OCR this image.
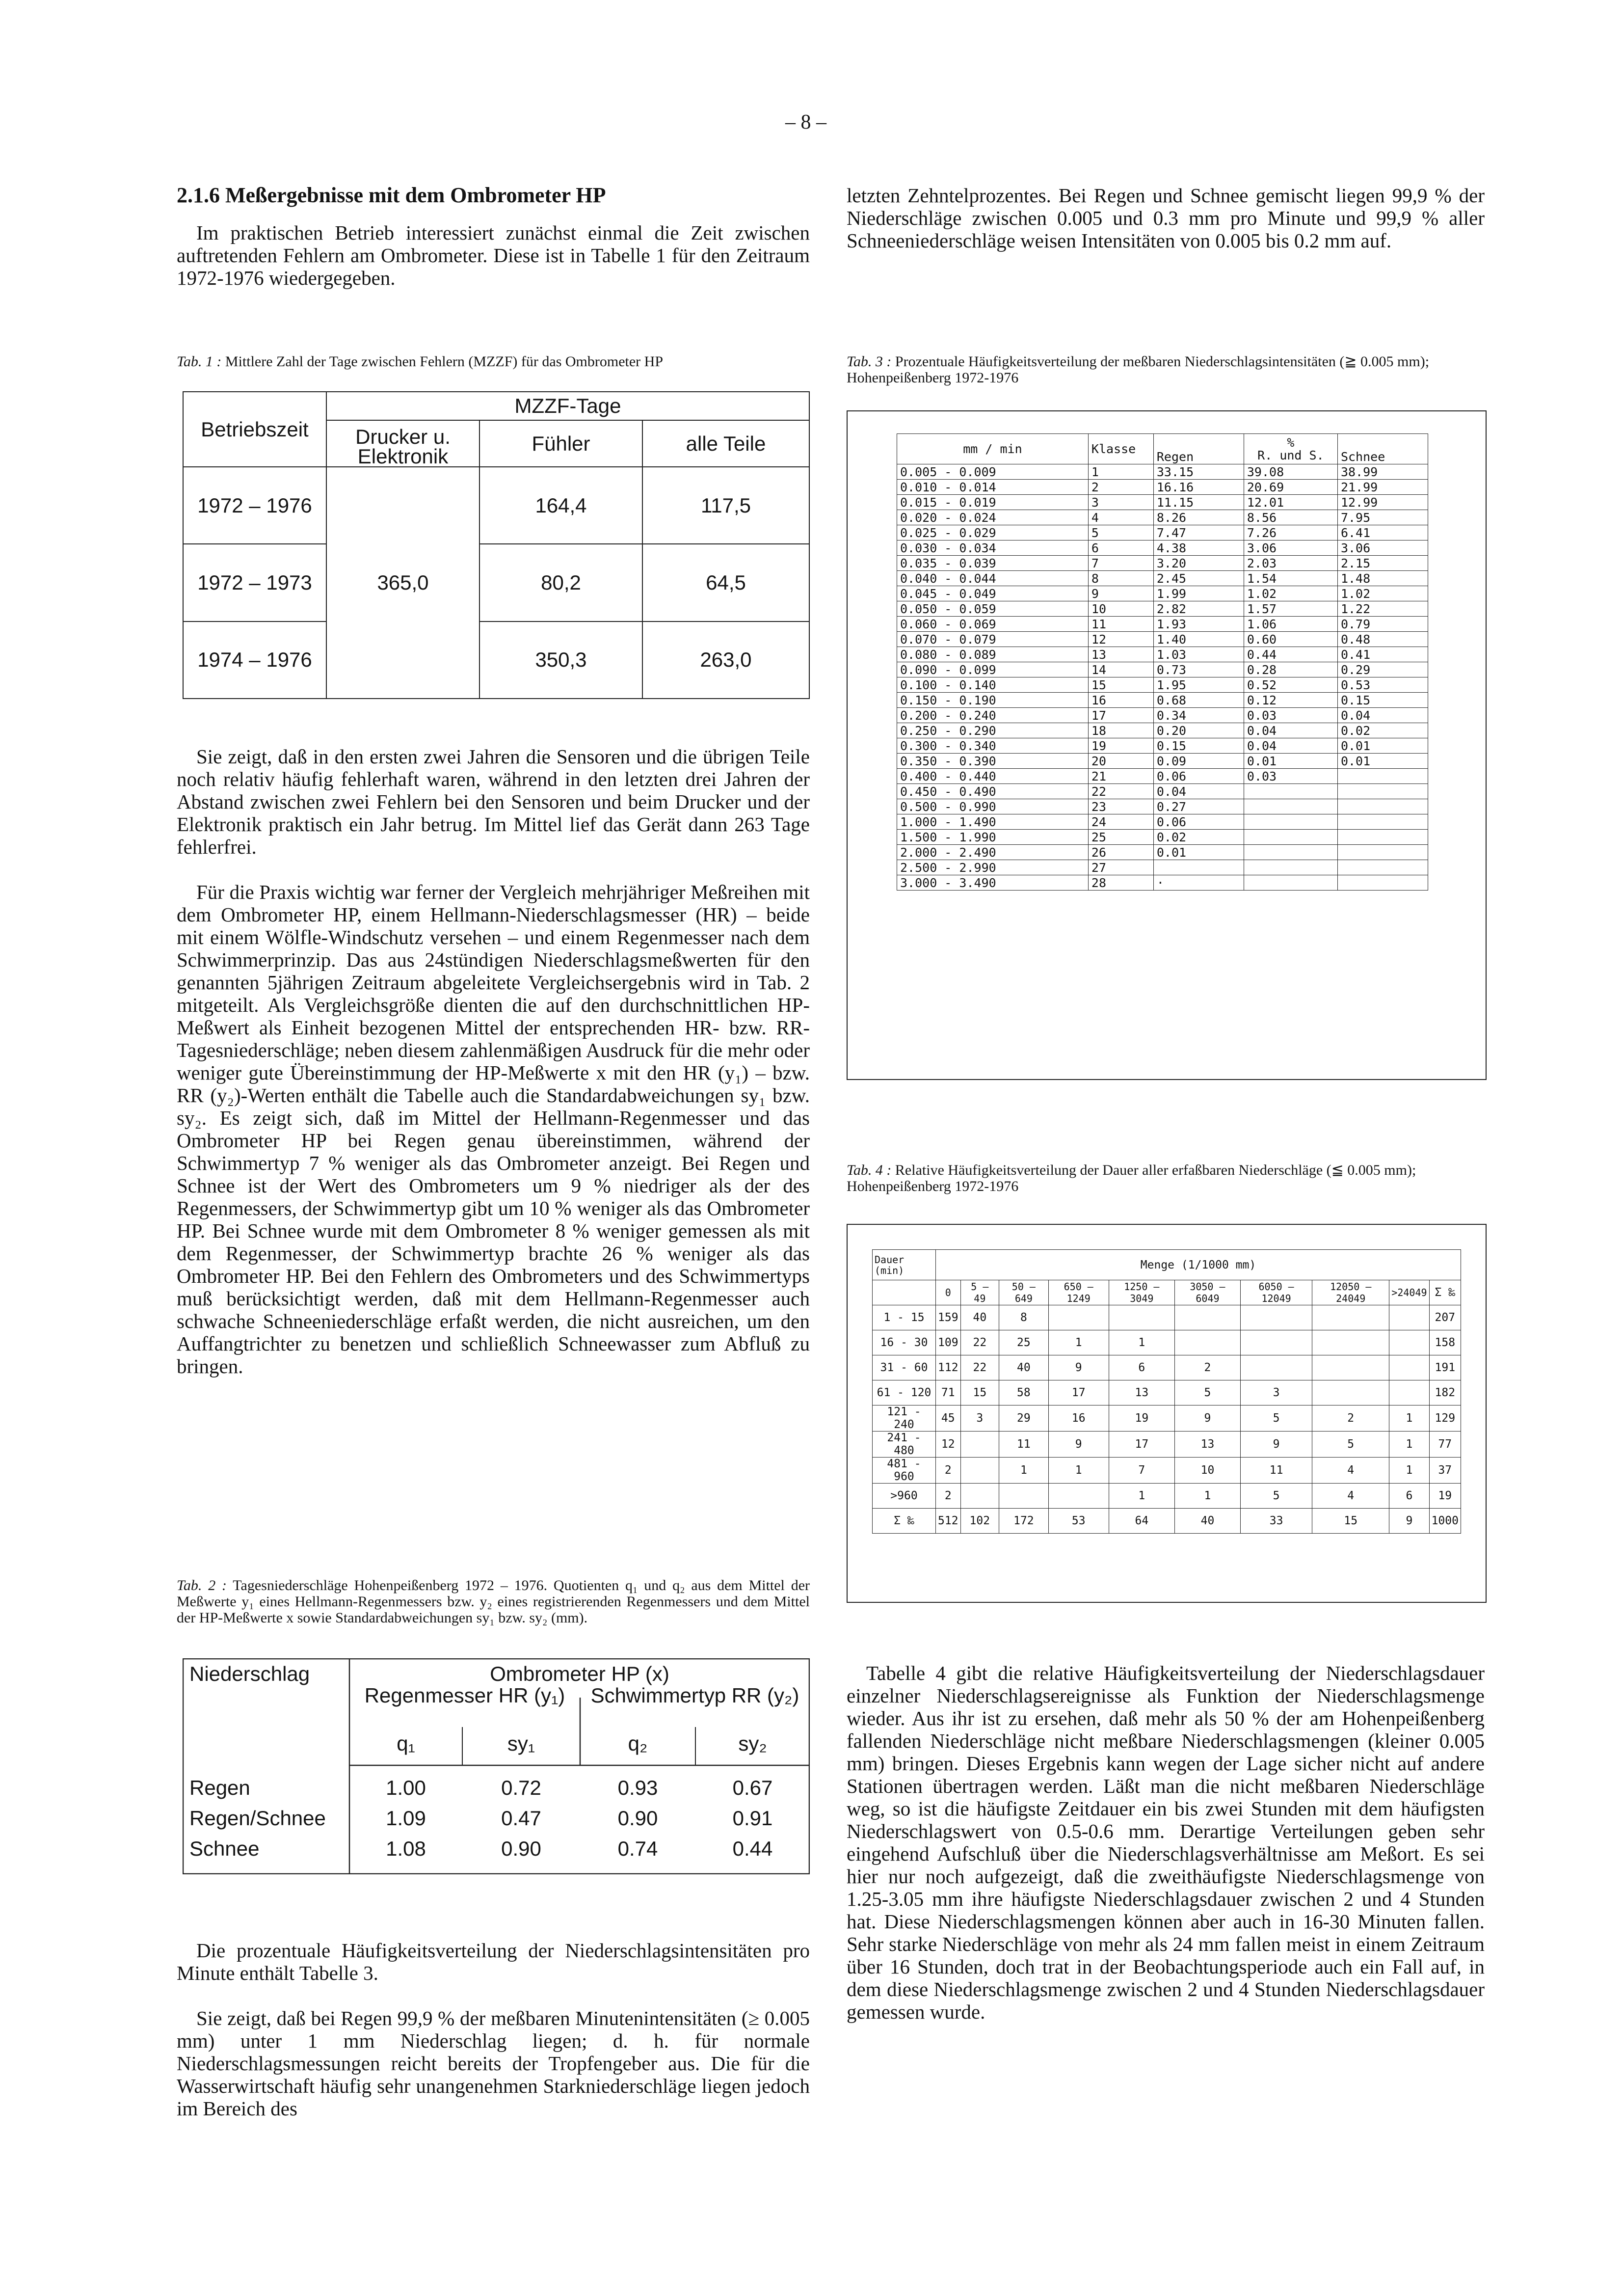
– 8 –
2.1.6 Meßergebnisse mit dem Ombrometer HP

Im praktischen Betrieb interessiert zunächst einmal die Zeit zwischen auftretenden Fehlern am Ombrometer. Diese ist in Tabelle 1 für den Zeitraum 1972-1976 wiedergegeben.

letzten Zehntelprozentes. Bei Regen und Schnee gemischt liegen 99,9 % der Niederschläge zwischen 0.005 und 0.3 mm pro Minute und 99,9 % aller Schneeniederschläge weisen Intensitäten von 0.005 bis 0.2 mm auf.

Tab. 1 : Mittlere Zahl der Tage zwischen Fehlern (MZZF) für das Ombrometer HP
Betriebszeit	MZZF-Tage		
	Drucker u. Elektronik	Fühler	alle Teile
1972 – 1976	365,0	164,4	117,5
1972 – 1973		80,2	64,5
1974 – 1976		350,3	263,0

Sie zeigt, daß in den ersten zwei Jahren die Sensoren und die übrigen Teile noch relativ häufig fehlerhaft waren, während in den letzten drei Jahren der Abstand zwischen zwei Fehlern bei den Sensoren und beim Drucker und der Elektronik praktisch ein Jahr betrug. Im Mittel lief das Gerät dann 263 Tage fehlerfrei.

Für die Praxis wichtig war ferner der Vergleich mehrjähriger Meßreihen mit dem Ombrometer HP, einem Hellmann-Niederschlagsmesser (HR) – beide mit einem Wölfle-Windschutz versehen – und einem Regenmesser nach dem Schwimmerprinzip. Das aus 24stündigen Niederschlagsmeßwerten für den genannten 5jährigen Zeitraum abgeleitete Vergleichsergebnis wird in Tab. 2 mitgeteilt. Als Vergleichsgröße dienten die auf den durchschnittlichen HP-Meßwert als Einheit bezogenen Mittel der entsprechenden HR- bzw. RR-Tagesniederschläge; neben diesem zahlenmäßigen Ausdruck für die mehr oder weniger gute Übereinstimmung der HP-Meßwerte x mit den HR (y₁) – bzw. RR (y₂)-Werten enthält die Tabelle auch die Standardabweichungen sy₁ bzw. sy₂. Es zeigt sich, daß im Mittel der Hellmann-Regenmesser und das Ombrometer HP bei Regen genau übereinstimmen, während der Schwimmertyp 7 % weniger als das Ombrometer anzeigt. Bei Regen und Schnee ist der Wert des Ombrometers um 9 % niedriger als der des Regenmessers, der Schwimmertyp gibt um 10 % weniger als das Ombrometer HP. Bei Schnee wurde mit dem Ombrometer 8 % weniger gemessen als mit dem Regenmesser, der Schwimmertyp brachte 26 % weniger als das Ombrometer HP. Bei den Fehlern des Ombrometers und des Schwimmertyps muß berücksichtigt werden, daß mit dem Hellmann-Regenmesser auch schwache Schneeniederschläge erfaßt werden, die nicht ausreichen, um den Auffangtrichter zu benetzen und schließlich Schneewasser zum Abfluß zu bringen.

Tab. 2 : Tagesniederschläge Hohenpeißenberg 1972 – 1976. Quotienten q₁ und q₂ aus dem Mittel der Meßwerte y₁ eines Hellmann-Regenmessers bzw. y₂ eines registrierenden Regenmessers und dem Mittel der HP-Meßwerte x sowie Standardabweichungen sy₁ bzw. sy₂ (mm).
Niederschlag	Ombrometer HP (x)
Regenmesser HR (y₁)	Schwimmertyp RR (y₂)
q₁	sy₁	q₂	sy₂
Regen	1.00	0.72	0.93	0.67
Regen/Schnee	1.09	0.47	0.90	0.91
Schnee	1.08	0.90	0.74	0.44

Die prozentuale Häufigkeitsverteilung der Niederschlagsintensitäten pro Minute enthält Tabelle 3.

Sie zeigt, daß bei Regen 99,9 % der meßbaren Minutenintensitäten (≥ 0.005 mm) unter 1 mm Niederschlag liegen; d. h. für normale Niederschlagsmessungen reicht bereits der Tropfengeber aus. Die für die Wasserwirtschaft häufig sehr unangenehmen Starkniederschläge liegen jedoch im Bereich des

Tab. 3 : Prozentuale Häufigkeitsverteilung der meßbaren Niederschlagsintensitäten (≧ 0.005 mm); Hohenpeißenberg 1972-1976
mm / min	Klasse	Regen	%
R. und S.	Schnee
0.005 - 0.009	1	33.15	39.08	38.99
0.010 - 0.014	2	16.16	20.69	21.99
0.015 - 0.019	3	11.15	12.01	12.99
0.020 - 0.024	4	8.26	8.56	7.95
0.025 - 0.029	5	7.47	7.26	6.41
0.030 - 0.034	6	4.38	3.06	3.06
0.035 - 0.039	7	3.20	2.03	2.15
0.040 - 0.044	8	2.45	1.54	1.48
0.045 - 0.049	9	1.99	1.02	1.02
0.050 - 0.059	10	2.82	1.57	1.22
0.060 - 0.069	11	1.93	1.06	0.79
0.070 - 0.079	12	1.40	0.60	0.48
0.080 - 0.089	13	1.03	0.44	0.41
0.090 - 0.099	14	0.73	0.28	0.29
0.100 - 0.140	15	1.95	0.52	0.53
0.150 - 0.190	16	0.68	0.12	0.15
0.200 - 0.240	17	0.34	0.03	0.04
0.250 - 0.290	18	0.20	0.04	0.02
0.300 - 0.340	19	0.15	0.04	0.01
0.350 - 0.390	20	0.09	0.01	0.01
0.400 - 0.440	21	0.06	0.03	
0.450 - 0.490	22	0.04		
0.500 - 0.990	23	0.27		
1.000 - 1.490	24	0.06		
1.500 - 1.990	25	0.02		
2.000 - 2.490	26	0.01		
2.500 - 2.990	27			
3.000 - 3.490	28	·		
Tab. 4 : Relative Häufigkeitsverteilung der Dauer aller erfaßbaren Niederschläge (≦ 0.005 mm); Hohenpeißenberg 1972-1976
Dauer (min)	Menge (1/1000 mm)									
	0	5 – 49	50 – 649	650 – 1249	1250 – 3049	3050 – 6049	6050 – 12049	12050 – 24049	>24049	Σ ‰
1 - 15	159	40	8							207
16 - 30	109	22	25	1	1					158
31 - 60	112	22	40	9	6	2				191
61 - 120	71	15	58	17	13	5	3			182
121 - 240	45	3	29	16	19	9	5	2	1	129
241 - 480	12		11	9	17	13	9	5	1	77
481 - 960	2		1	1	7	10	11	4	1	37
>960	2				1	1	5	4	6	19
Σ ‰	512	102	172	53	64	40	33	15	9	1000

Tabelle 4 gibt die relative Häufigkeitsverteilung der Niederschlagsdauer einzelner Niederschlagsereignisse als Funktion der Niederschlagsmenge wieder. Aus ihr ist zu ersehen, daß mehr als 50 % der am Hohenpeißenberg fallenden Niederschläge nicht meßbare Niederschlagsmengen (kleiner 0.005 mm) bringen. Dieses Ergebnis kann wegen der Lage sicher nicht auf andere Stationen übertragen werden. Läßt man die nicht meßbaren Niederschläge weg, so ist die häufigste Zeitdauer ein bis zwei Stunden mit dem häufigsten Niederschlagswert von 0.5-0.6 mm. Derartige Verteilungen geben sehr eingehend Aufschluß über die Niederschlagsverhältnisse am Meßort. Es sei hier nur noch aufgezeigt, daß die zweithäufigste Niederschlagsmenge von 1.25-3.05 mm ihre häufigste Niederschlagsdauer zwischen 2 und 4 Stunden hat. Diese Niederschlagsmengen können aber auch in 16-30 Minuten fallen. Sehr starke Niederschläge von mehr als 24 mm fallen meist in einem Zeitraum über 16 Stunden, doch trat in der Beobachtungsperiode auch ein Fall auf, in dem diese Niederschlagsmenge zwischen 2 und 4 Stunden Niederschlagsdauer gemessen wurde.
